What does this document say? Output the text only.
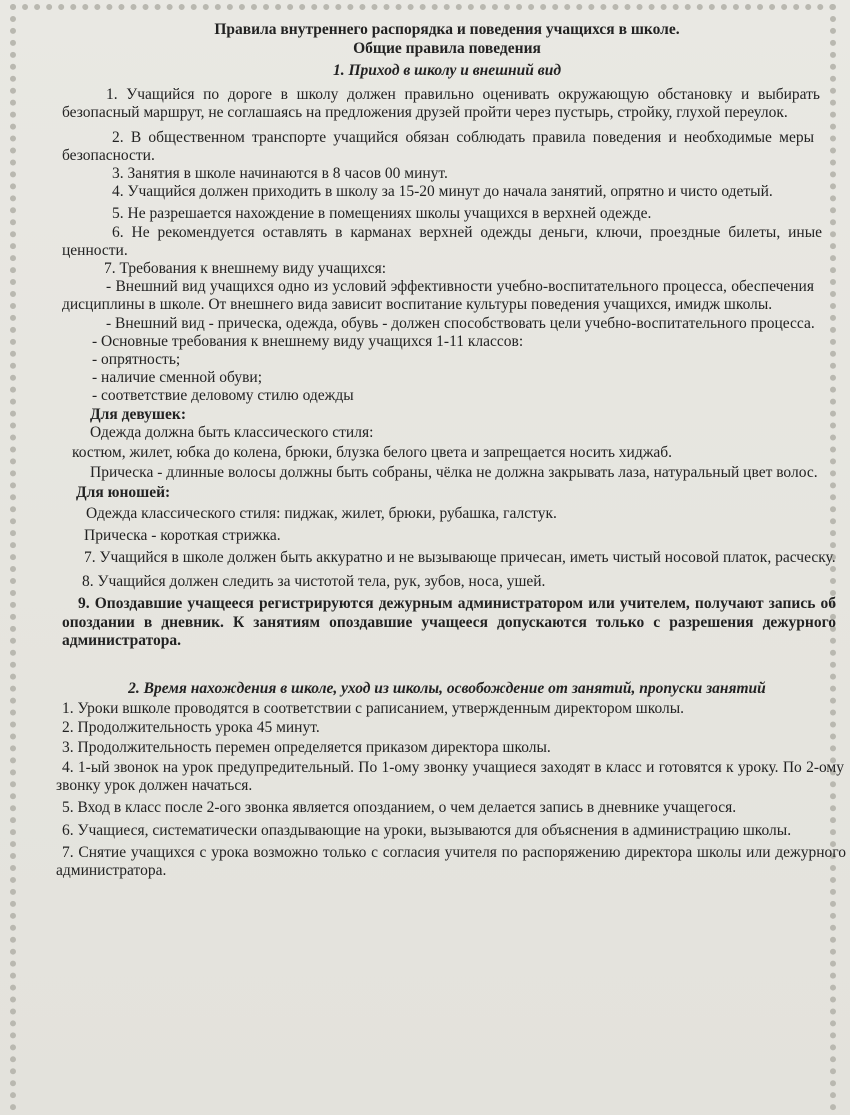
Правила внутреннего распорядка и поведения учащихся в школе.
Общие правила поведения
1. Приход в школу и внешний вид

1. Учащийся по дороге в школу должен правильно оценивать окружающую обстановку и выбирать безопасный маршрут, не соглашаясь на предложения друзей пройти через пустырь, стройку, глухой переулок.

2. В общественном транспорте учащийся обязан соблюдать правила поведения и необходимые меры безопасности.

3. Занятия в школе начинаются в 8 часов 00 минут.

4. Учащийся должен приходить в школу за 15-20 минут до начала занятий, опрятно и чисто одетый.

5. Не разрешается нахождение в помещениях школы учащихся в верхней одежде.

6. Не рекомендуется оставлять в карманах верхней одежды деньги, ключи, проездные билеты, иные ценности.

7. Требования к внешнему виду учащихся:

- Внешний вид учащихся одно из условий эффективности учебно-воспитательного процесса, обеспечения дисциплины в школе. От внешнего вида зависит воспитание культуры поведения учащихся, имидж школы.

- Внешний вид - прическа, одежда, обувь - должен способствовать цели учебно-воспитательного процесса.

- Основные требования к внешнему виду учащихся 1-11 классов:

- опрятность;

- наличие сменной обуви;

- соответствие деловому стилю одежды

Для девушек:

Одежда должна быть классического стиля:

костюм, жилет, юбка до колена, брюки, блузка белого цвета и запрещается носить хиджаб.

Прическа - длинные волосы должны быть собраны, чёлка не должна закрывать лаза, натуральный цвет волос.

Для юношей:

Одежда классического стиля: пиджак, жилет, брюки, рубашка, галстук.

Прическа - короткая стрижка.

7. Учащийся в школе должен быть аккуратно и не вызывающе причесан, иметь чистый носовой платок, расческу.

8. Учащийся должен следить за чистотой тела, рук, зубов, носа, ушей.

9. Опоздавшие учащееся регистрируются дежурным администратором или учителем, получают запись об опоздании в дневник. К занятиям опоздавшие учащееся допускаются только с разрешения дежурного администратора.

2. Время нахождения в школе, уход из школы, освобождение от занятий, пропуски занятий

1. Уроки вшколе проводятся в соответствии с раписанием, утвержденным директором школы.

2. Продолжительность урока 45 минут.

3. Продолжительность перемен определяется приказом директора школы.

4. 1-ый звонок на урок предупредительный. По 1-ому звонку учащиеся заходят в класс и готовятся к уроку. По 2-ому звонку урок должен начаться.

5. Вход в класс после 2-ого звонка является опозданием, о чем делается запись в дневнике учащегося.

6. Учащиеся, систематически опаздывающие на уроки, вызываются для объяснения в администрацию школы.

7. Снятие учащихся с урока возможно только с согласия учителя по распоряжению директора школы или дежурного администратора.
